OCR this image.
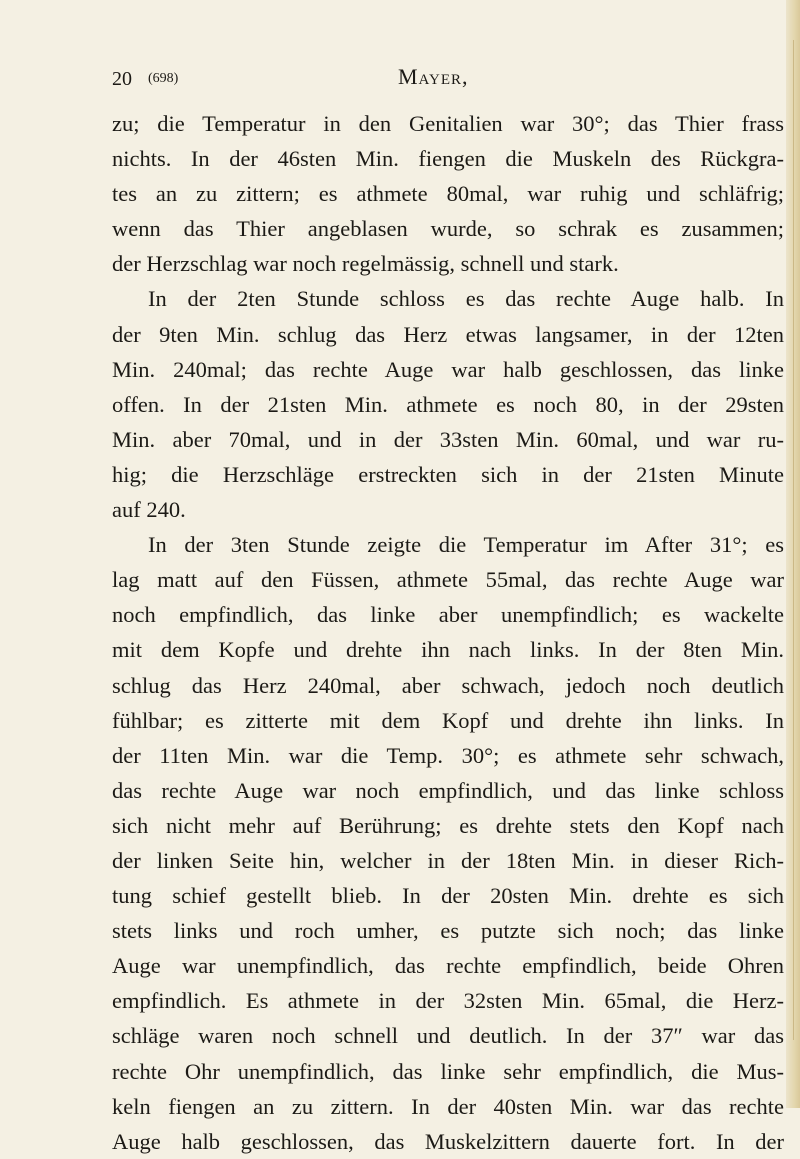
20 (698)	Mayer,
zu; die Temperatur in den Genitalien war 30°; das Thier frass
nichts. In der 46sten Min. fiengen die Muskeln des Rückgra-
tes an zu zittern; es athmete 80mal, war ruhig und schläfrig;
wenn das Thier angeblasen wurde, so schrak es zusammen;
der Herzschlag war noch regelmässig, schnell und stark.
In der 2ten Stunde schloss es das rechte Auge halb. In
der 9ten Min. schlug das Herz etwas langsamer, in der 12ten
Min. 240mal; das rechte Auge war halb geschlossen, das linke
offen. In der 21sten Min. athmete es noch 80, in der 29sten
Min. aber 70mal, und in der 33sten Min. 60mal, und war ru-
hig; die Herzschläge erstreckten sich in der 21sten Minute
auf 240.
In der 3ten Stunde zeigte die Temperatur im After 31°; es
lag matt auf den Füssen, athmete 55mal, das rechte Auge war
noch empfindlich, das linke aber unempfindlich; es wackelte
mit dem Kopfe und drehte ihn nach links. In der 8ten Min.
schlug das Herz 240mal, aber schwach, jedoch noch deutlich
fühlbar; es zitterte mit dem Kopf und drehte ihn links. In
der 11ten Min. war die Temp. 30°; es athmete sehr schwach,
das rechte Auge war noch empfindlich, und das linke schloss
sich nicht mehr auf Berührung; es drehte stets den Kopf nach
der linken Seite hin, welcher in der 18ten Min. in dieser Rich-
tung schief gestellt blieb. In der 20sten Min. drehte es sich
stets links und roch umher, es putzte sich noch; das linke
Auge war unempfindlich, das rechte empfindlich, beide Ohren
empfindlich. Es athmete in der 32sten Min. 65mal, die Herz-
schläge waren noch schnell und deutlich. In der 37″ war das
rechte Ohr unempfindlich, das linke sehr empfindlich, die Mus-
keln fiengen an zu zittern. In der 40sten Min. war das rechte
Auge halb geschlossen, das Muskelzittern dauerte fort. In der
